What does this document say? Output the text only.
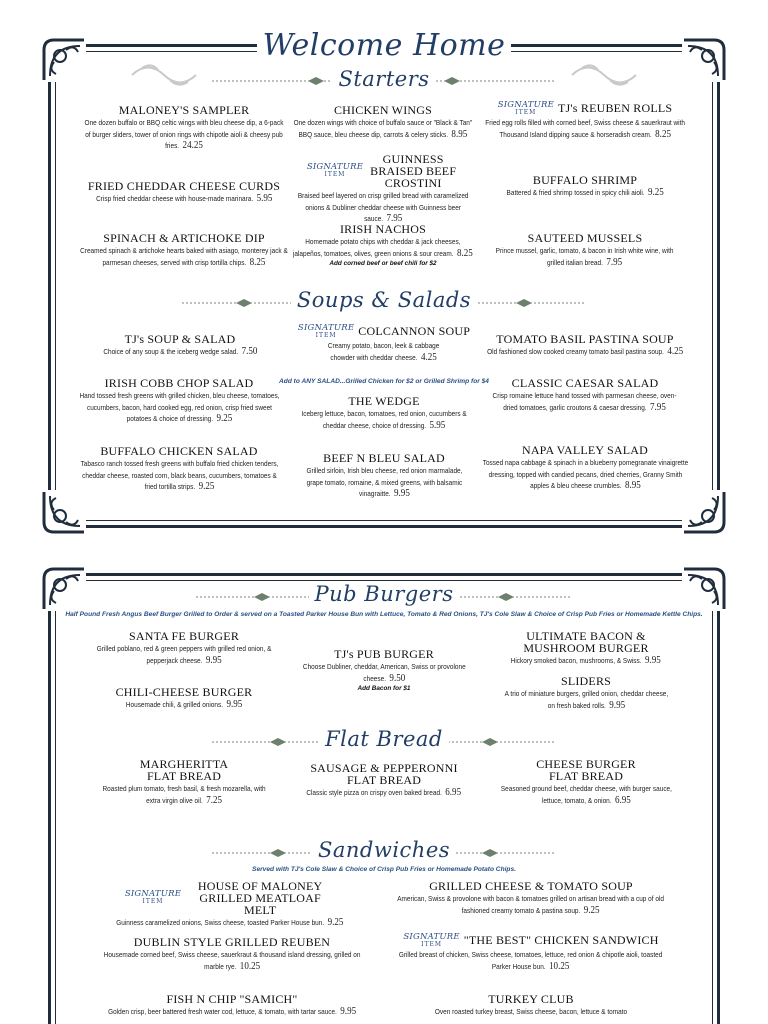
Welcome Home
Starters
Soups & Salads
Pub Burgers
Flat Bread
Sandwiches
Add to ANY SALAD...Grilled Chicken for $2 or Grilled Shrimp for $4
Half Pound Fresh Angus Beef Burger Grilled to Order & served on a Toasted Parker House Bun with Lettuce, Tomato & Red Onions, TJ's Cole Slaw & Choice of Crisp Pub Fries or Homemade Kettle Chips.
Served with TJ's Cole Slaw & Choice of Crisp Pub Fries or Homemade Potato Chips.
MALONEY'S SAMPLER
One dozen buffalo or BBQ celtic wings with bleu cheese dip, a 6-pack of burger sliders, tower of onion rings with chipotle aioli & cheesy pub fries. 24.25
CHICKEN WINGS
One dozen wings with choice of buffalo sauce or "Black & Tan" BBQ sauce, bleu cheese dip, carrots & celery sticks. 8.95
SIGNATURE
ITEM	TJ's REUBEN ROLLS
Fried egg rolls filled with corned beef, Swiss cheese & sauerkraut with Thousand Island dipping sauce & horseradish cream. 8.25
SIGNATURE
ITEM
GUINNESS BRAISED BEEF CROSTINI
Braised beef layered on crisp grilled bread with caramelized onions & Dubliner cheddar cheese with Guinness beer sauce. 7.95
FRIED CHEDDAR CHEESE CURDS
Crisp fried cheddar cheese with house-made marinara. 5.95
BUFFALO SHRIMP
Battered & fried shrimp tossed in spicy chili aioli. 9.25
IRISH NACHOS
Homemade potato chips with cheddar & jack cheeses, jalapeños, tomatoes, olives, green onions & sour cream. 8.25
Add corned beef or beef chili for $2
SPINACH & ARTICHOKE DIP
Creamed spinach & artichoke hearts baked with asiago, monterey jack & parmesan cheeses, served with crisp tortilla chips. 8.25
SAUTEED MUSSELS
Prince mussel, garlic, tomato, & bacon in Irish white wine, with grilled italian bread. 7.95
TJ's SOUP & SALAD
Choice of any soup & the iceberg wedge salad. 7.50
SIGNATURE
ITEM	COLCANNON SOUP
Creamy potato, bacon, leek & cabbage chowder with cheddar cheese. 4.25
TOMATO BASIL PASTINA SOUP
Old fashioned slow cooked creamy tomato basil pastina soup. 4.25
IRISH COBB CHOP SALAD
Hand tossed fresh greens with grilled chicken, bleu cheese, tomatoes, cucumbers, bacon, hard cooked egg, red onion, crisp fried sweet potatoes & choice of dressing. 9.25
THE WEDGE
Iceberg lettuce, bacon, tomatoes, red onion, cucumbers & cheddar cheese, choice of dressing. 5.95
CLASSIC CAESAR SALAD
Crisp romaine lettuce hand tossed with parmesan cheese, oven-dried tomatoes, garlic croutons & caesar dressing. 7.95
BUFFALO CHICKEN SALAD
Tabasco ranch tossed fresh greens with buffalo fried chicken tenders, cheddar cheese, roasted corn, black beans, cucumbers, tomatoes & fried tortilla strips. 9.25
BEEF N BLEU SALAD
Grilled sirloin, Irish bleu cheese, red onion marmalade, grape tomato, romaine, & mixed greens, with balsamic vinagraitte. 9.95
NAPA VALLEY SALAD
Tossed napa cabbage & spinach in a blueberry pomegranate vinaigrette dressing, topped with candied pecans, dried cherries, Granny Smith apples & bleu cheese crumbles. 8.95
SANTA FE BURGER
Grilled poblano, red & green peppers with grilled red onion, & pepperjack cheese. 9.95	TJ's PUB BURGER
Choose Dubliner, cheddar, American, Swiss or provolone cheese. 9.50
Add Bacon for $1
ULTIMATE BACON & MUSHROOM BURGER
Hickory smoked bacon, mushrooms, & Swiss. 9.95
CHILI-CHEESE BURGER
Housemade chili, & grilled onions. 9.95
SLIDERS
A trio of miniature burgers, grilled onion, cheddar cheese, on fresh baked rolls. 9.95
MARGHERITTA FLAT BREAD
Roasted plum tomato, fresh basil, & fresh mozarella, with extra virgin olive oil. 7.25
SAUSAGE & PEPPERONNI FLAT BREAD
Classic style pizza on crispy oven baked bread. 6.95
CHEESE BURGER FLAT BREAD
Seasoned ground beef, cheddar cheese, with burger sauce, lettuce, tomato, & onion. 6.95
SIGNATURE
ITEM
HOUSE OF MALONEY GRILLED MEATLOAF MELT
Guinness caramelized onions, Swiss cheese, toasted Parker House bun. 9.25
GRILLED CHEESE & TOMATO SOUP
American, Swiss & provolone with bacon & tomatoes grilled on artisan bread with a cup of old fashioned creamy tomato & pastina soup. 9.25
DUBLIN STYLE GRILLED REUBEN
Housemade corned beef, Swiss cheese, sauerkraut & thousand island dressing, grilled on marble rye. 10.25
SIGNATURE
ITEM	"THE BEST" CHICKEN SANDWICH
Grilled breast of chicken, Swiss cheese, tomatoes, lettuce, red onion & chipotle aioli, toasted Parker House bun. 10.25
FISH N CHIP "SAMICH"
Golden crisp, beer battered fresh water cod, lettuce, & tomato, with tartar sauce. 9.95
TURKEY CLUB
Oven roasted turkey breast, Swiss cheese, bacon, lettuce & tomato
